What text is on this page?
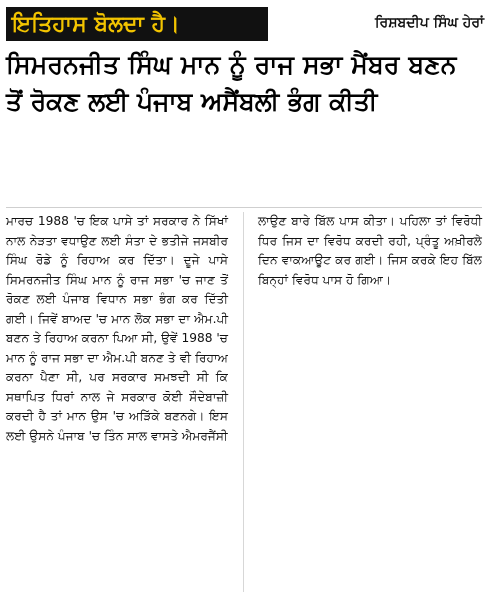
ਇਤਿਹਾਸ ਬੋਲਦਾ ਹੈ।	ਰਿਸ਼ਬਦੀਪ ਸਿੰਘ ਹੇਰਾਂ
ਸਿਮਰਨਜੀਤ ਸਿੰਘ ਮਾਨ ਨੂੰ ਰਾਜ ਸਭਾ ਮੈਂਬਰ ਬਣਨ
ਤੋਂ ਰੋਕਣ ਲਈ ਪੰਜਾਬ ਅਸੈਂਬਲੀ ਭੰਗ ਕੀਤੀ

ਮਾਰਚ 1988 'ਚ ਇਕ ਪਾਸੇ ਤਾਂ ਸਰਕਾਰ ਨੇ ਸਿੱਖਾਂ ਨਾਲ ਨੇੜਤਾ ਵਧਾਉਣ ਲਈ ਸੰਤਾ ਦੇ ਭਤੀਜੇ ਜਸਬੀਰ ਸਿੰਘ ਰੋਡੇ ਨੂੰ ਰਿਹਾਅ ਕਰ ਦਿੱਤਾ। ਦੂਜੇ ਪਾਸੇ ਸਿਮਰਨਜੀਤ ਸਿੰਘ ਮਾਨ ਨੂੰ ਰਾਜ ਸਭਾ 'ਚ ਜਾਣ ਤੋਂ ਰੋਕਣ ਲਈ ਪੰਜਾਬ ਵਿਧਾਨ ਸਭਾ ਭੰਗ ਕਰ ਦਿੱਤੀ ਗਈ। ਜਿਵੇਂ ਬਾਅਦ 'ਚ ਮਾਨ ਲੋਕ ਸਭਾ ਦਾ ਐਮ.ਪੀ ਬਣਨ ਤੇ ਰਿਹਾਅ ਕਰਨਾ ਪਿਆ ਸੀ, ਉਵੇਂ 1988 'ਚ ਮਾਨ ਨੂੰ ਰਾਜ ਸਭਾ ਦਾ ਐਮ.ਪੀ ਬਨਣ ਤੇ ਵੀ ਰਿਹਾਅ ਕਰਨਾ ਪੈਣਾ ਸੀ, ਪਰ ਸਰਕਾਰ ਸਮਝਦੀ ਸੀ ਕਿ ਸਥਾਪਿਤ ਧਿਰਾਂ ਨਾਲ ਜੇ ਸਰਕਾਰ ਕੋਈ ਸੌਦੇਬਾਜ਼ੀ ਕਰਦੀ ਹੈ ਤਾਂ ਮਾਨ ਉਸ 'ਚ ਅੜਿੱਕੇ ਬਣਨਗੇ। ਇਸ ਲਈ ਉਸਨੇ ਪੰਜਾਬ 'ਚ ਤਿੰਨ ਸਾਲ ਵਾਸਤੇ ਐਮਰਜੈਂਸੀ

ਲਾਉਣ ਬਾਰੇ ਬਿੱਲ ਪਾਸ ਕੀਤਾ। ਪਹਿਲਾ ਤਾਂ ਵਿਰੋਧੀ ਧਿਰ ਜਿਸ ਦਾ ਵਿਰੋਧ ਕਰਦੀ ਰਹੀ, ਪ੍ਰੰਤੂ ਅਖ਼ੀਰਲੇ ਦਿਨ ਵਾਕਆਊਟ ਕਰ ਗਈ। ਜਿਸ ਕਰਕੇ ਇਹ ਬਿੱਲ ਬਿਨ੍ਹਾਂ ਵਿਰੋਧ ਪਾਸ ਹੋ ਗਿਆ।
